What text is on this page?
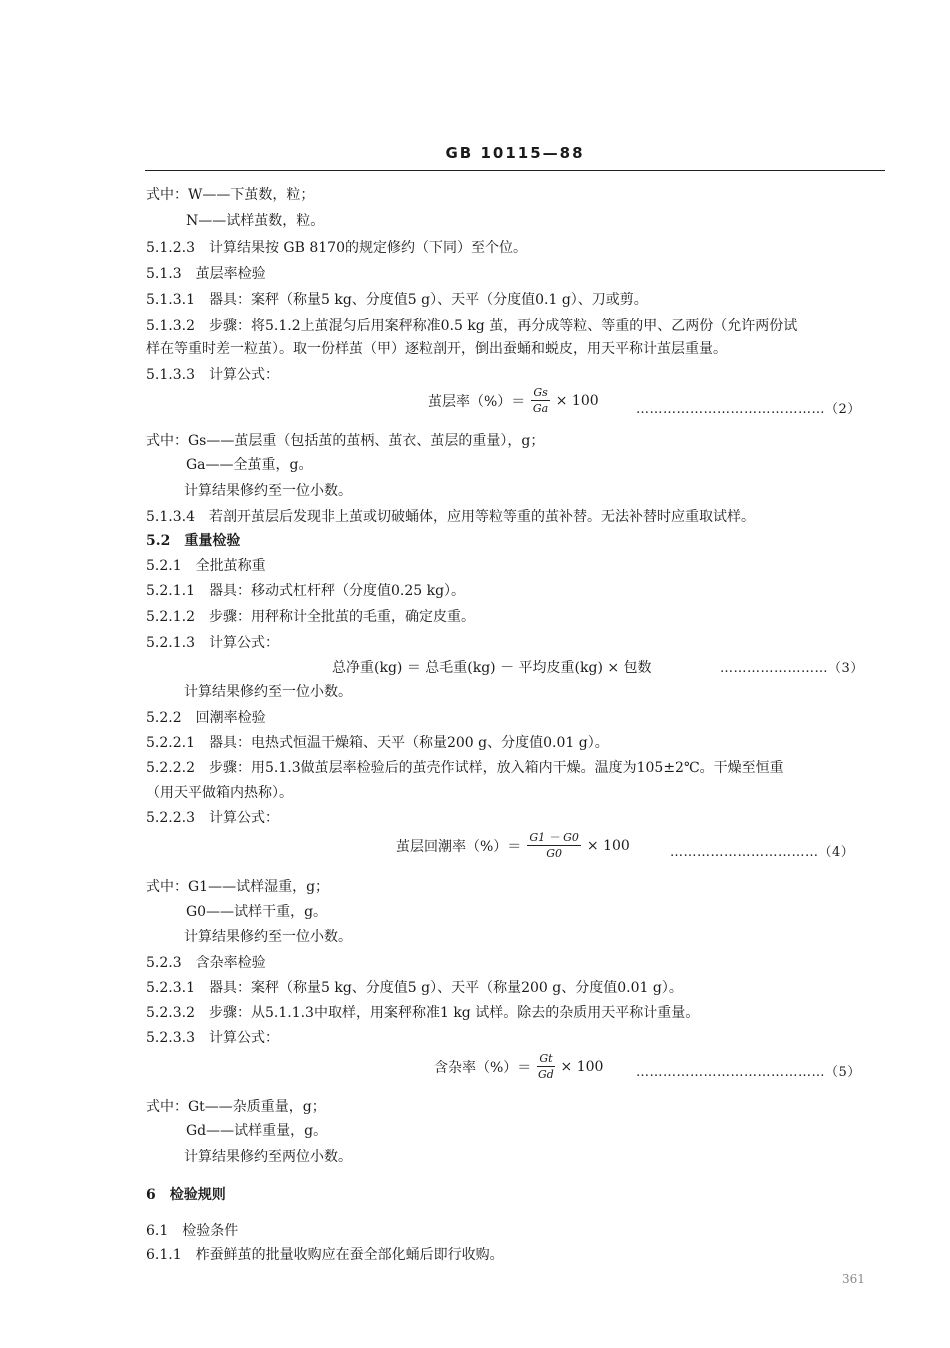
GB 10115—88
式中：W——下茧数，粒；
N——试样茧数，粒。
5.1.2.3　计算结果按 GB 8170的规定修约（下同）至个位。
5.1.3　茧层率检验
5.1.3.1　器具：案秤（称量5 kg、分度值5 g）、天平（分度值0.1 g）、刀或剪。
5.1.3.2　步骤：将5.1.2上茧混匀后用案秤称准0.5 kg 茧，再分成等粒、等重的甲、乙两份（允许两份试
样在等重时差一粒茧）。取一份样茧（甲）逐粒剖开，倒出蚕蛹和蜕皮，用天平称计茧层重量。
5.1.3.3　计算公式：
茧层率（%）＝ $\frac{Gs}{Ga} \times 100$
……………………………………（2）
式中：Gs——茧层重（包括茧的茧柄、茧衣、茧层的重量），g；
Ga——全茧重，g。
计算结果修约至一位小数。
5.1.3.4　若剖开茧层后发现非上茧或切破蛹体，应用等粒等重的茧补替。无法补替时应重取试样。
5.2　重量检验
5.2.1　全批茧称重
5.2.1.1　器具：移动式杠杆秤（分度值0.25 kg）。
5.2.1.2　步骤：用秤称计全批茧的毛重，确定皮重。
5.2.1.3　计算公式：
总净重(kg) ＝ 总毛重(kg) － 平均皮重(kg) × 包数	……………………（3）
计算结果修约至一位小数。
5.2.2　回潮率检验
5.2.2.1　器具：电热式恒温干燥箱、天平（称量200 g、分度值0.01 g）。
5.2.2.2　步骤：用5.1.3做茧层率检验后的茧壳作试样，放入箱内干燥。温度为105±2℃。干燥至恒重
（用天平做箱内热称）。
5.2.2.3　计算公式：
茧层回潮率（%）＝ $\frac{G1 - G0}{G0} \times 100$	……………………………（4）
式中：G1——试样湿重，g；
G0——试样干重，g。
计算结果修约至一位小数。
5.2.3　含杂率检验
5.2.3.1　器具：案秤（称量5 kg、分度值5 g）、天平（称量200 g、分度值0.01 g）。
5.2.3.2　步骤：从5.1.1.3中取样，用案秤称准1 kg 试样。除去的杂质用天平称计重量。
5.2.3.3　计算公式：
含杂率（%）＝ $\frac{Gt}{Gd} \times 100$	……………………………………（5）
式中：Gt——杂质重量，g；
Gd——试样重量，g。
计算结果修约至两位小数。
6　检验规则
6.1　检验条件
6.1.1　柞蚕鲜茧的批量收购应在蚕全部化蛹后即行收购。
361
